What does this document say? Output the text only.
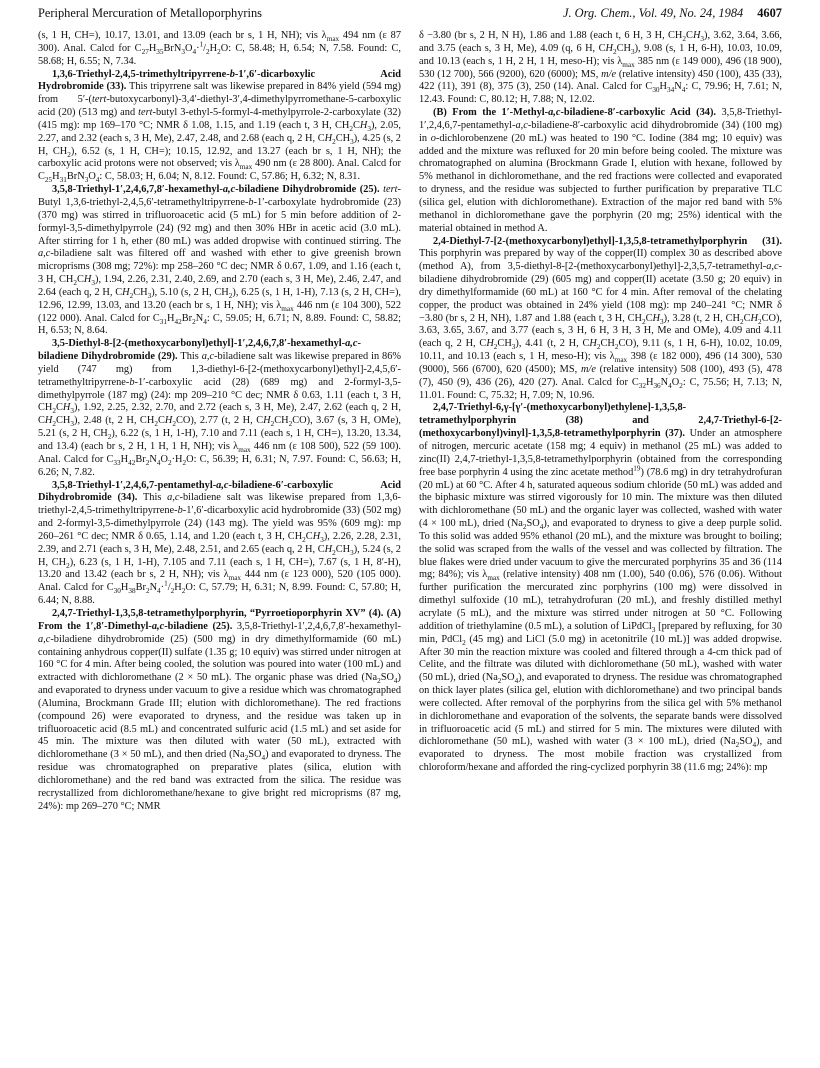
Peripheral Mercuration of Metalloporphyrins	J. Org. Chem., Vol. 49, No. 24, 1984 4607

(s, 1 H, CH=), 10.17, 13.01, and 13.09 (each br s, 1 H, NH); vis $\lambda_{max}$ 494 nm (ε 87 300). Anal. Calcd for $C_{27}H_{35}BrN_3O_4\cdot^1/_2H_2O$: C, 58.48; H, 6.54; N, 7.58. Found: C, 58.68; H, 6.55; N, 7.34.

1,3,6-Triethyl-2,4,5-trimethyltripyrrene-b-1′,6′-dicarboxylic Acid Hydrobromide (33). This tripyrrene salt was likewise prepared in 84% yield (594 mg) from 5′-(tert-butoxycarbonyl)-3,4′-diethyl-3′,4-dimethylpyrromethane-5-carboxylic acid (20) (513 mg) and tert-butyl 3-ethyl-5-formyl-4-methylpyrrole-2-carboxylate (32) (415 mg): mp 169–170 °C; NMR δ 1.08, 1.15, and 1.19 (each t, 3 H, $CH_2CH_3$), 2.05, 2.27, and 2.32 (each s, 3 H, Me), 2.47, 2.48, and 2.68 (each q, 2 H, $CH_2CH_3$), 4.25 (s, 2 H, $CH_2$), 6.52 (s, 1 H, CH=); 10.15, 12.92, and 13.27 (each br s, 1 H, NH); the carboxylic acid protons were not observed; vis $\lambda_{max}$ 490 nm (ε 28 800). Anal. Calcd for $C_{25}H_{31}BrN_3O_4$: C, 58.03; H, 6.04; N, 8.12. Found: C, 57.86; H, 6.32; N, 8.31.

3,5,8-Triethyl-1′,2,4,6,7,8′-hexamethyl-a,c-biladiene Dihydrobromide (25). tert-Butyl 1,3,6-triethyl-2,4,5,6′-tetramethyltripyrrene-b-1′-carboxylate hydrobromide (23) (370 mg) was stirred in trifluoroacetic acid (5 mL) for 5 min before addition of 2-formyl-3,5-dimethylpyrrole (24) (92 mg) and then 30% HBr in acetic acid (3.0 mL). After stirring for 1 h, ether (80 mL) was added dropwise with continued stirring. The a,c-biladiene salt was filtered off and washed with ether to give greenish brown microprisms (308 mg; 72%): mp 258–260 °C dec; NMR δ 0.67, 1.09, and 1.16 (each t, 3 H, $CH_2CH_3$), 1.94, 2.26, 2.31, 2.40, 2.69, and 2.70 (each s, 3 H, Me), 2.46, 2.47, and 2.64 (each q, 2 H, $CH_2CH_3$), 5.10 (s, 2 H, $CH_2$), 6.25 (s, 1 H, 1-H), 7.13 (s, 2 H, CH=), 12.96, 12.99, 13.03, and 13.20 (each br s, 1 H, NH); vis $\lambda_{max}$ 446 nm (ε 104 300), 522 (122 000). Anal. Calcd for $C_{31}H_{42}Br_2N_4$: C, 59.05; H, 6.71; N, 8.89. Found: C, 58.82; H, 6.53; N, 8.64.

3,5-Diethyl-8-[2-(methoxycarbonyl)ethyl]-1′,2,4,6,7,8′-hexamethyl-a,c-biladiene Dihydrobromide (29). This a,c-biladiene salt was likewise prepared in 86% yield (747 mg) from 1,3-diethyl-6-[2-(methoxycarbonyl)ethyl]-2,4,5,6′-tetramethyltripyrrene-b-1′-carboxylic acid (28) (689 mg) and 2-formyl-3,5-dimethylpyrrole (187 mg) (24): mp 209–210 °C dec; NMR δ 0.63, 1.11 (each t, 3 H, $CH_2CH_3$), 1.92, 2.25, 2.32, 2.70, and 2.72 (each s, 3 H, Me), 2.47, 2.62 (each q, 2 H, $CH_2CH_3$), 2.48 (t, 2 H, $CH_2CH_2CO$), 2.77 (t, 2 H, $CH_2CH_2CO$), 3.67 (s, 3 H, OMe), 5.21 (s, 2 H, $CH_2$), 6.22 (s, 1 H, 1-H), 7.10 and 7.11 (each s, 1 H, CH=), 13.20, 13.34, and 13.4) (each br s, 2 H, 1 H, 1 H, NH); vis $\lambda_{max}$ 446 nm (ε 108 500), 522 (59 100). Anal. Calcd for $C_{33}H_{42}Br_2N_4O_2\cdot H_2O$: C, 56.39; H, 6.31; N, 7.97. Found: C, 56.63; H, 6.26; N, 7.82.

3,5,8-Triethyl-1′,2,4,6,7-pentamethyl-a,c-biladiene-6′-carboxylic Acid Dihydrobromide (34). This a,c-biladiene salt was likewise prepared from 1,3,6-triethyl-2,4,5-trimethyltripyrrene-b-1′,6′-dicarboxylic acid hydrobromide (33) (502 mg) and 2-formyl-3,5-dimethylpyrrole (24) (143 mg). The yield was 95% (609 mg): mp 260–261 °C dec; NMR δ 0.65, 1.14, and 1.20 (each t, 3 H, $CH_2CH_3$), 2.26, 2.28, 2.31, 2.39, and 2.71 (each s, 3 H, Me), 2.48, 2.51, and 2.65 (each q, 2 H, $CH_2CH_3$), 5.24 (s, 2 H, $CH_2$), 6.23 (s, 1 H, 1-H), 7.105 and 7.11 (each s, 1 H, CH=), 7.67 (s, 1 H, 8′-H), 13.20 and 13.42 (each br s, 2 H, NH); vis $\lambda_{max}$ 444 nm (ε 123 000), 520 (105 000). Anal. Calcd for $C_{30}H_{38}Br_2N_4\cdot^1/_2H_2O$: C, 57.79; H, 6.31; N, 8.99. Found: C, 57.80; H, 6.44; N, 8.88.

2,4,7-Triethyl-1,3,5,8-tetramethylporphyrin, “Pyrroetioporphyrin XV” (4). (A) From the 1′,8′-Dimethyl-a,c-biladiene (25). 3,5,8-Triethyl-1′,2,4,6,7,8′-hexamethyl-a,c-biladiene dihydrobromide (25) (500 mg) in dry dimethylformamide (60 mL) containing anhydrous copper(II) sulfate (1.35 g; 10 equiv) was stirred under nitrogen at 160 °C for 4 min. After being cooled, the solution was poured into water (100 mL) and extracted with dichloromethane (2 × 50 mL). The organic phase was dried $(Na_2SO_4)$ and evaporated to dryness under vacuum to give a residue which was chromatographed (Alumina, Brockmann Grade III; elution with dichloromethane). The red fractions (compound 26) were evaporated to dryness, and the residue was taken up in trifluoroacetic acid (8.5 mL) and concentrated sulfuric acid (1.5 mL) and set aside for 45 min. The mixture was then diluted with water (50 mL), extracted with dichloromethane (3 × 50 mL), and then dried $(Na_2SO_4)$ and evaporated to dryness. The residue was chromatographed on preparative plates (silica, elution with dichloromethane) and the red band was extracted from the silica. The residue was recrystallized from dichloromethane/hexane to give bright red microprisms (87 mg, 24%): mp 269–270 °C; NMR

δ −3.80 (br s, 2 H, N H), 1.86 and 1.88 (each t, 6 H, 3 H, $CH_2CH_3$), 3.62, 3.64, 3.66, and 3.75 (each s, 3 H, Me), 4.09 (q, 6 H, $CH_2CH_3$), 9.08 (s, 1 H, 6-H), 10.03, 10.09, and 10.13 (each s, 1 H, 2 H, 1 H, meso-H); vis $\lambda_{max}$ 385 nm (ε 149 000), 496 (18 900), 530 (12 700), 566 (9200), 620 (6000); MS, m/e (relative intensity) 450 (100), 435 (33), 422 (11), 391 (8), 375 (3), 250 (14). Anal. Calcd for $C_{30}H_{34}N_4$: C, 79.96; H, 7.61; N, 12.43. Found: C, 80.12; H, 7.88; N, 12.02.

(B) From the 1′-Methyl-a,c-biladiene-8′-carboxylic Acid (34). 3,5,8-Triethyl-1′,2,4,6,7-pentamethyl-a,c-biladiene-8′-carboxylic acid dihydrobromide (34) (100 mg) in o-dichlorobenzene (20 mL) was heated to 190 °C. Iodine (384 mg; 10 equiv) was added and the mixture was refluxed for 20 min before being cooled. The mixture was chromatographed on alumina (Brockmann Grade I, elution with hexane, followed by 5% methanol in dichloromethane, and the red fractions were collected and evaporated to dryness, and the residue was subjected to further purification by preparative TLC (silica gel, elution with dichloromethane). Extraction of the major red band with 5% methanol in dichloromethane gave the porphyrin (20 mg; 25%) identical with the material obtained in method A.

2,4-Diethyl-7-[2-(methoxycarbonyl)ethyl]-1,3,5,8-tetramethylporphyrin (31). This porphyrin was prepared by way of the copper(II) complex 30 as described above (method A), from 3,5-diethyl-8-[2-(methoxycarbonyl)ethyl]-2,3,5,7-tetramethyl-a,c-biladiene dihydrobromide (29) (605 mg) and copper(II) acetate (3.50 g; 20 equiv) in dry dimethylformamide (60 mL) at 160 °C for 4 min. After removal of the chelating copper, the product was obtained in 24% yield (108 mg): mp 240–241 °C; NMR δ −3.80 (br s, 2 H, NH), 1.87 and 1.88 (each t, 3 H, $CH_2CH_3$), 3.28 (t, 2 H, $CH_2CH_2CO$), 3.63, 3.65, 3.67, and 3.77 (each s, 3 H, 6 H, 3 H, 3 H, Me and OMe), 4.09 and 4.11 (each q, 2 H, $CH_2CH_3$), 4.41 (t, 2 H, $CH_2CH_2CO$), 9.11 (s, 1 H, 6-H), 10.02, 10.09, 10.11, and 10.13 (each s, 1 H, meso-H); vis $\lambda_{max}$ 398 (ε 182 000), 496 (14 300), 530 (9000), 566 (6700), 620 (4500); MS, m/e (relative intensity) 508 (100), 493 (5), 478 (7), 450 (9), 436 (26), 420 (27). Anal. Calcd for $C_{32}H_{36}N_4O_2$: C, 75.56; H, 7.13; N, 11.01. Found: C, 75.32; H, 7.09; N, 10.96.

2,4,7-Triethyl-6,γ-[γ′-(methoxycarbonyl)ethylene]-1,3,5,8-tetramethylporphyrin (38) and 2,4,7-Triethyl-6-[2-(methoxycarbonyl)vinyl]-1,3,5,8-tetramethylporphyrin (37). Under an atmosphere of nitrogen, mercuric acetate (158 mg; 4 equiv) in methanol (25 mL) was added to zinc(II) 2,4,7-triethyl-1,3,5,8-tetramethylporphyrin (obtained from the corresponding free base porphyrin 4 using the zinc acetate method$^{19}$) (78.6 mg) in dry tetrahydrofuran (20 mL) at 60 °C. After 4 h, saturated aqueous sodium chloride (50 mL) was added and the biphasic mixture was stirred vigorously for 10 min. The mixture was then diluted with dichloromethane (50 mL) and the organic layer was collected, washed with water (4 × 100 mL), dried $(Na_2SO_4)$, and evaporated to dryness to give a deep purple solid. To this solid was added 95% ethanol (20 mL), and the mixture was brought to boiling; the solid was scraped from the walls of the vessel and was collected by filtration. The blue flakes were dried under vacuum to give the mercurated porphyrins 35 and 36 (114 mg; 84%); vis $\lambda_{max}$ (relative intensity) 408 nm (1.00), 540 (0.06), 576 (0.06). Without further purification the mercurated zinc porphyrins (100 mg) were dissolved in dimethyl sulfoxide (10 mL), tetrahydrofuran (20 mL), and freshly distilled methyl acrylate (5 mL), and the mixture was stirred under nitrogen at 50 °C. Following addition of triethylamine (0.5 mL), a solution of LiPdCl$_3$ [prepared by refluxing, for 30 min, PdCl$_2$ (45 mg) and LiCl (5.0 mg) in acetonitrile (10 mL)] was added dropwise. After 30 min the reaction mixture was cooled and filtered through a 4-cm thick pad of Celite, and the filtrate was diluted with dichloromethane (50 mL), washed with water (50 mL), dried $(Na_2SO_4)$, and evaporated to dryness. The residue was chromatographed on thick layer plates (silica gel, elution with dichloromethane) and two principal bands were collected. After removal of the porphyrins from the silica gel with 5% methanol in dichloromethane and evaporation of the solvents, the separate bands were dissolved in trifluoroacetic acid (5 mL) and stirred for 5 min. The mixtures were diluted with dichloromethane (50 mL), washed with water (3 × 100 mL), dried $(Na_2SO_4)$, and evaporated to dryness. The most mobile fraction was crystallized from chloroform/hexane and afforded the ring-cyclized porphyrin 38 (11.6 mg; 24%): mp
